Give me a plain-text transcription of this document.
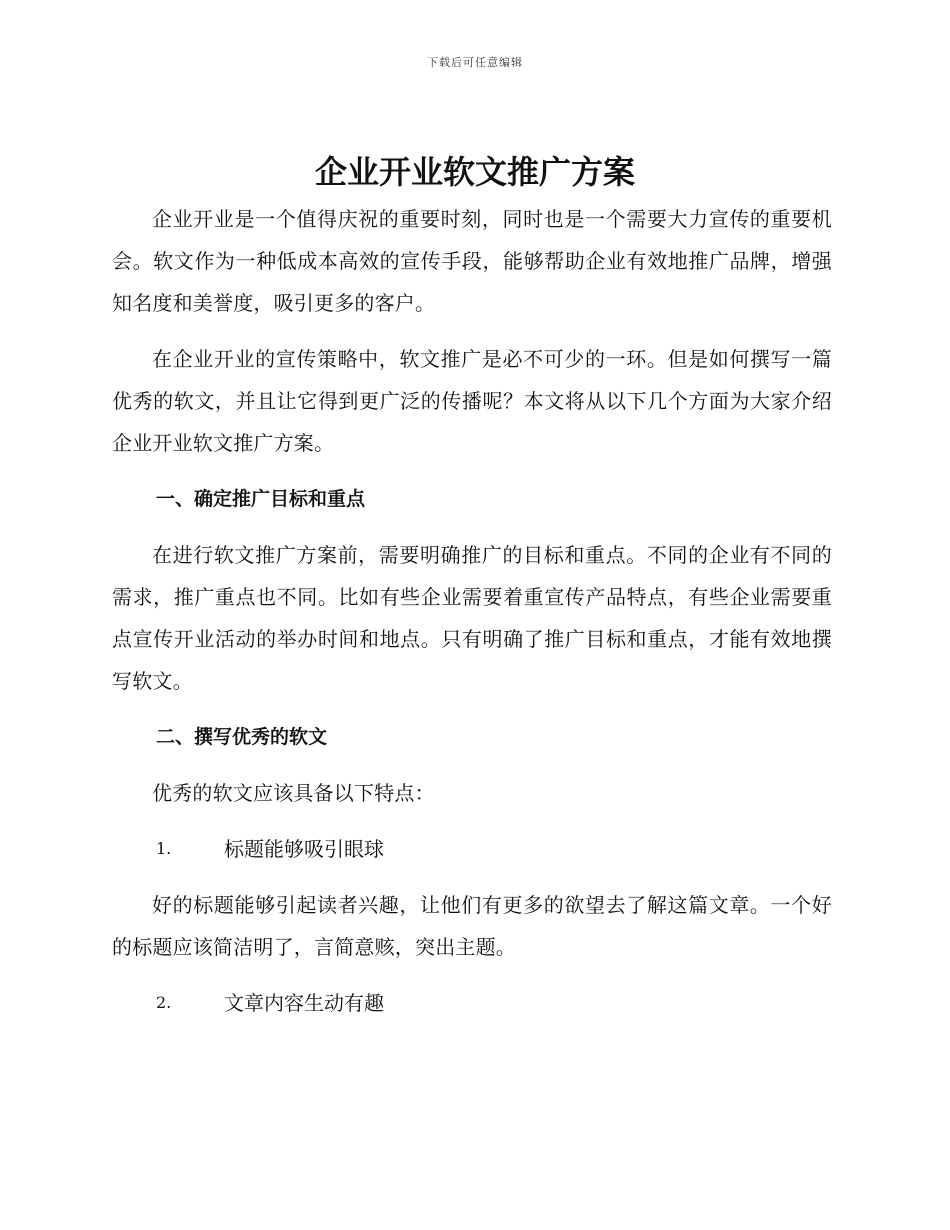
下载后可任意编辑
企业开业软文推广方案

企业开业是一个值得庆祝的重要时刻，同时也是一个需要大力宣传的重要机会。软文作为一种低成本高效的宣传手段，能够帮助企业有效地推广品牌，增强知名度和美誉度，吸引更多的客户。

在企业开业的宣传策略中，软文推广是必不可少的一环。但是如何撰写一篇优秀的软文，并且让它得到更广泛的传播呢？本文将从以下几个方面为大家介绍企业开业软文推广方案。

一、确定推广目标和重点

在进行软文推广方案前，需要明确推广的目标和重点。不同的企业有不同的需求，推广重点也不同。比如有些企业需要着重宣传产品特点，有些企业需要重点宣传开业活动的举办时间和地点。只有明确了推广目标和重点，才能有效地撰写软文。

二、撰写优秀的软文

优秀的软文应该具备以下特点：

1.	标题能够吸引眼球

好的标题能够引起读者兴趣，让他们有更多的欲望去了解这篇文章。一个好的标题应该简洁明了，言简意赅，突出主题。

2.	文章内容生动有趣
